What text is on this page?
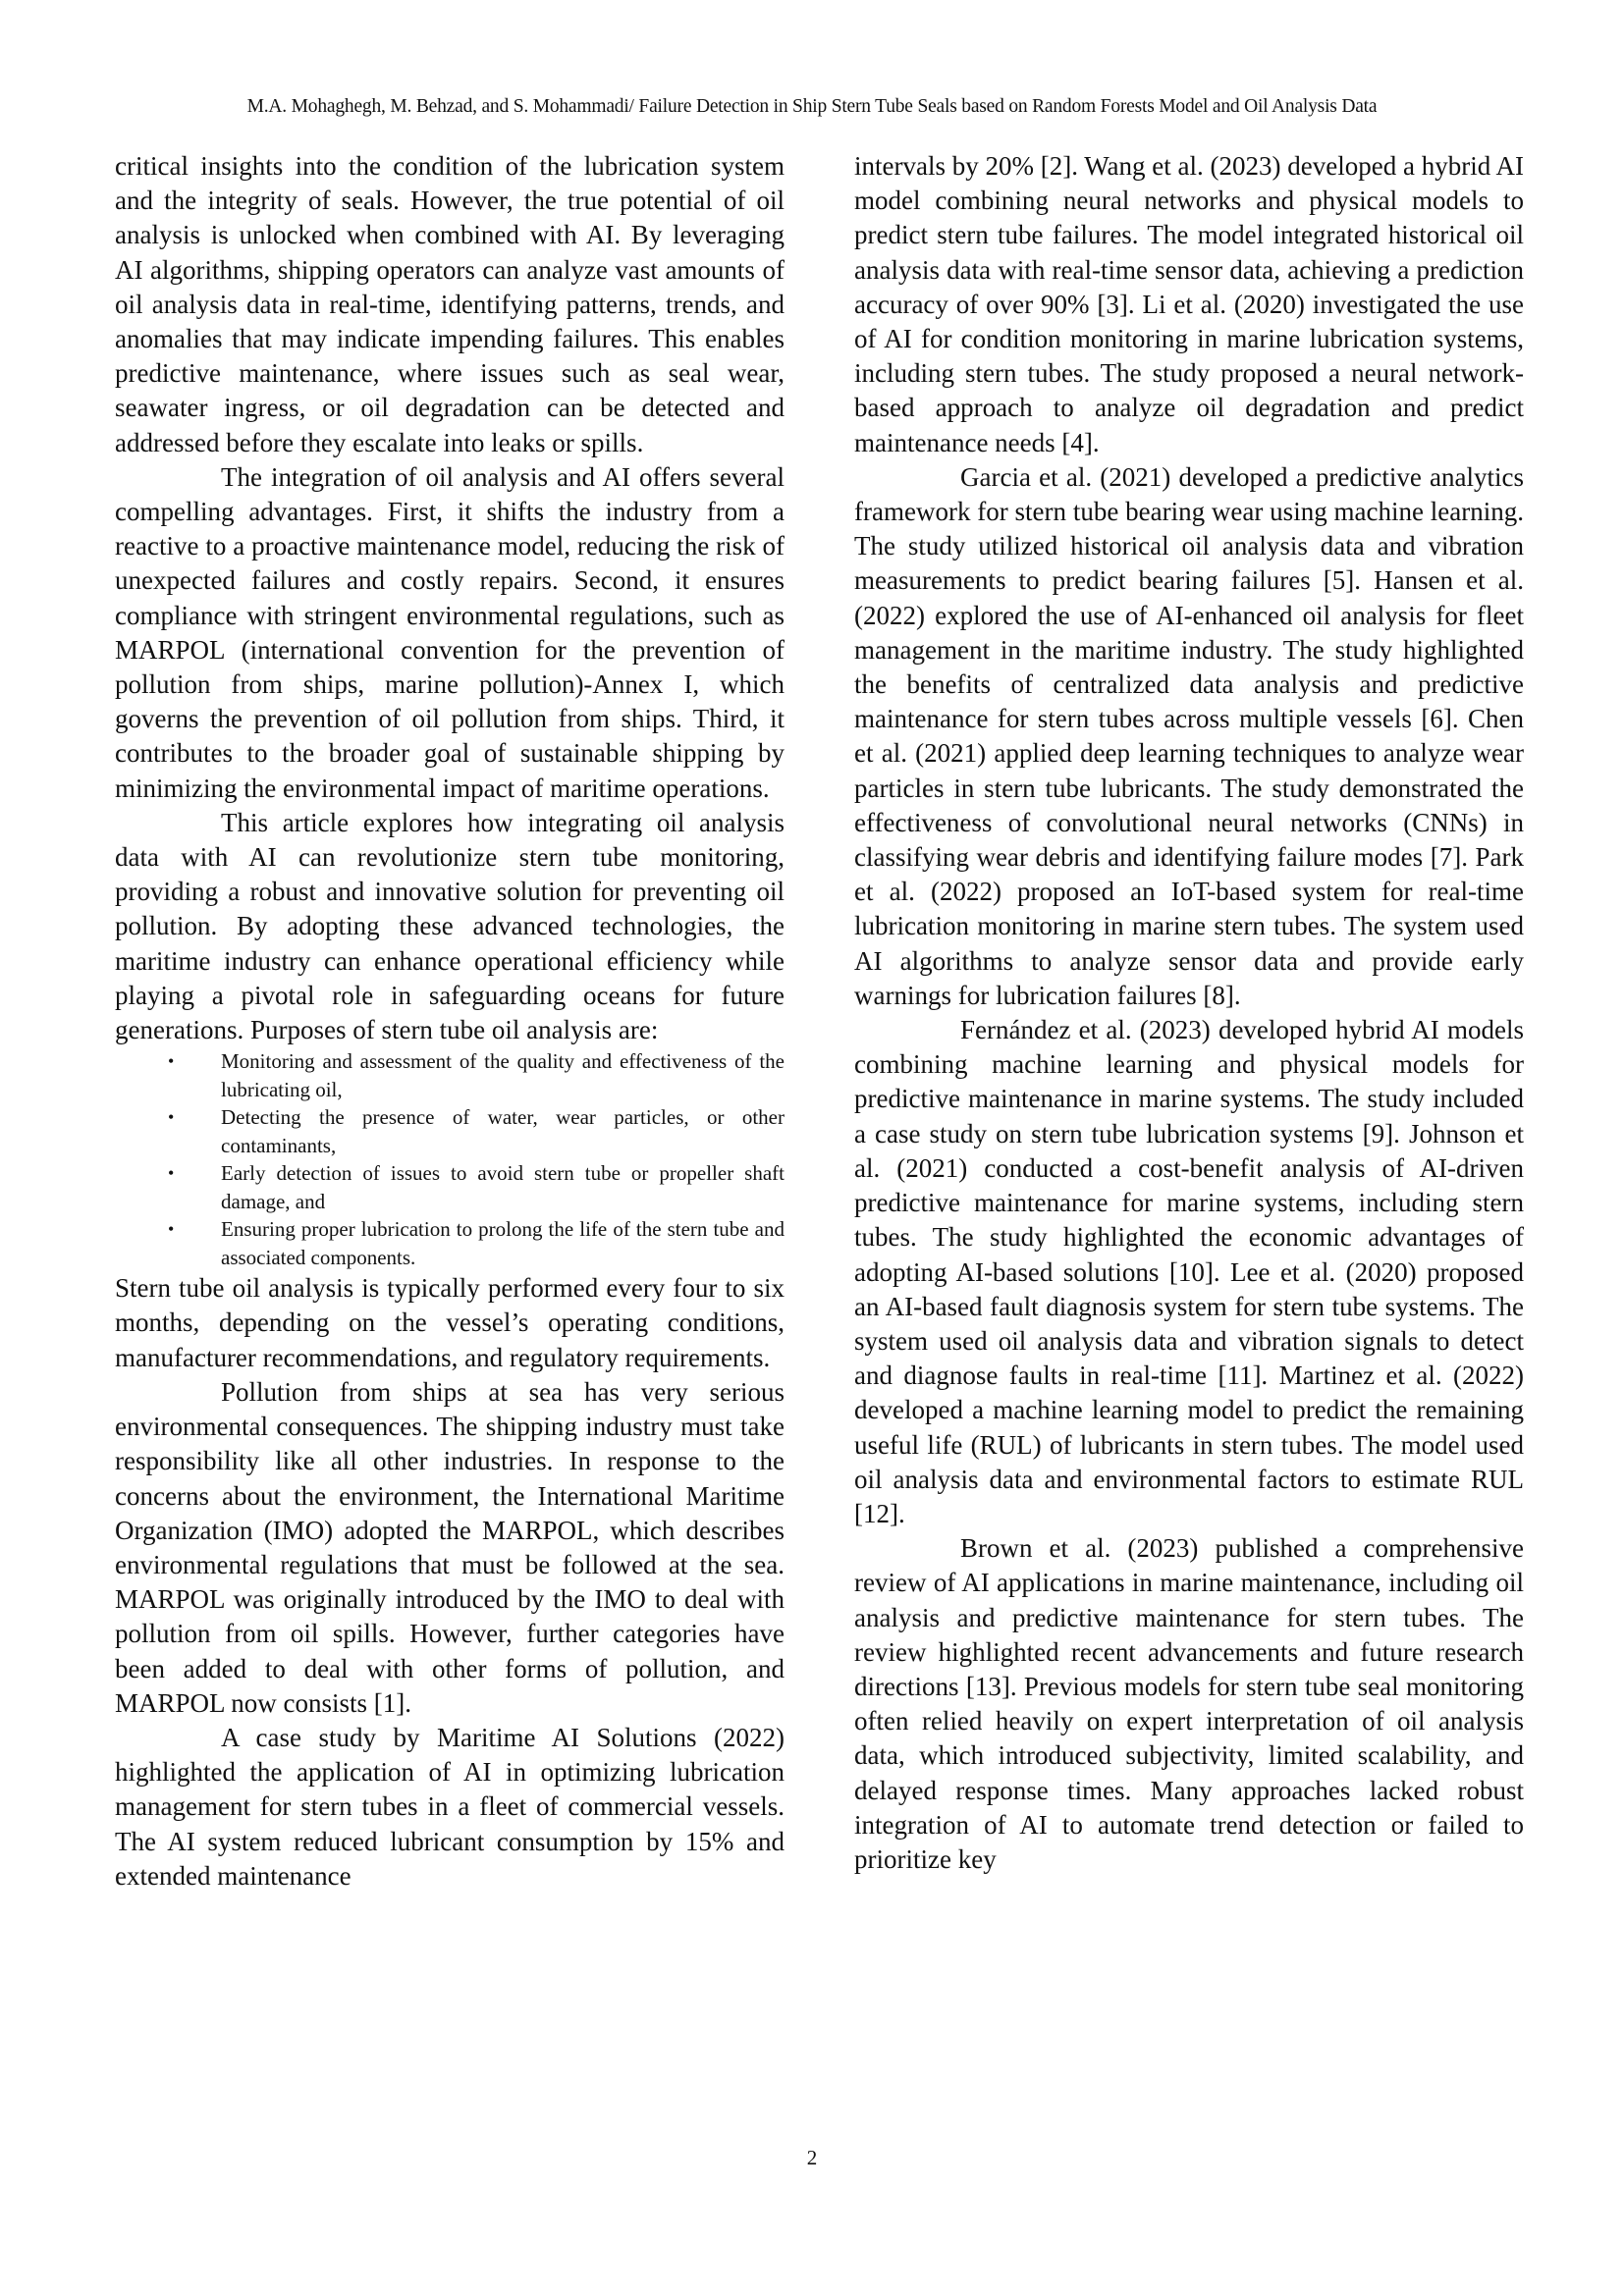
M.A. Mohaghegh, M. Behzad, and S. Mohammadi/ Failure Detection in Ship Stern Tube Seals based on Random Forests Model and Oil Analysis Data

critical insights into the condition of the lubrication system and the integrity of seals. However, the true potential of oil analysis is unlocked when combined with AI. By leveraging AI algorithms, shipping operators can analyze vast amounts of oil analysis data in real-time, identifying patterns, trends, and anomalies that may indicate impending failures. This enables predictive maintenance, where issues such as seal wear, seawater ingress, or oil degradation can be detected and addressed before they escalate into leaks or spills.

The integration of oil analysis and AI offers several compelling advantages. First, it shifts the industry from a reactive to a proactive maintenance model, reducing the risk of unexpected failures and costly repairs. Second, it ensures compliance with stringent environmental regulations, such as MARPOL (international convention for the prevention of pollution from ships, marine pollution)-Annex I, which governs the prevention of oil pollution from ships. Third, it contributes to the broader goal of sustainable shipping by minimizing the environmental impact of maritime operations.

This article explores how integrating oil analysis data with AI can revolutionize stern tube monitoring, providing a robust and innovative solution for preventing oil pollution. By adopting these advanced technologies, the maritime industry can enhance operational efficiency while playing a pivotal role in safeguarding oceans for future generations. Purposes of stern tube oil analysis are:

• Monitoring and assessment of the quality and effectiveness of the lubricating oil,
• Detecting the presence of water, wear particles, or other contaminants,
• Early detection of issues to avoid stern tube or propeller shaft damage, and
• Ensuring proper lubrication to prolong the life of the stern tube and associated components.

Stern tube oil analysis is typically performed every four to six months, depending on the vessel’s operating conditions, manufacturer recommendations, and regulatory requirements.

Pollution from ships at sea has very serious environmental consequences. The shipping industry must take responsibility like all other industries. In response to the concerns about the environment, the International Maritime Organization (IMO) adopted the MARPOL, which describes environmental regulations that must be followed at the sea. MARPOL was originally introduced by the IMO to deal with pollution from oil spills. However, further categories have been added to deal with other forms of pollution, and MARPOL now consists [1].

A case study by Maritime AI Solutions (2022) highlighted the application of AI in optimizing lubrication management for stern tubes in a fleet of commercial vessels. The AI system reduced lubricant consumption by 15% and extended maintenance

intervals by 20% [2]. Wang et al. (2023) developed a hybrid AI model combining neural networks and physical models to predict stern tube failures. The model integrated historical oil analysis data with real-time sensor data, achieving a prediction accuracy of over 90% [3]. Li et al. (2020) investigated the use of AI for condition monitoring in marine lubrication systems, including stern tubes. The study proposed a neural network-based approach to analyze oil degradation and predict maintenance needs [4].

Garcia et al. (2021) developed a predictive analytics framework for stern tube bearing wear using machine learning. The study utilized historical oil analysis data and vibration measurements to predict bearing failures [5]. Hansen et al. (2022) explored the use of AI-enhanced oil analysis for fleet management in the maritime industry. The study highlighted the benefits of centralized data analysis and predictive maintenance for stern tubes across multiple vessels [6]. Chen et al. (2021) applied deep learning techniques to analyze wear particles in stern tube lubricants. The study demonstrated the effectiveness of convolutional neural networks (CNNs) in classifying wear debris and identifying failure modes [7]. Park et al. (2022) proposed an IoT-based system for real-time lubrication monitoring in marine stern tubes. The system used AI algorithms to analyze sensor data and provide early warnings for lubrication failures [8].

Fernández et al. (2023) developed hybrid AI models combining machine learning and physical models for predictive maintenance in marine systems. The study included a case study on stern tube lubrication systems [9]. Johnson et al. (2021) conducted a cost-benefit analysis of AI-driven predictive maintenance for marine systems, including stern tubes. The study highlighted the economic advantages of adopting AI-based solutions [10]. Lee et al. (2020) proposed an AI-based fault diagnosis system for stern tube systems. The system used oil analysis data and vibration signals to detect and diagnose faults in real-time [11]. Martinez et al. (2022) developed a machine learning model to predict the remaining useful life (RUL) of lubricants in stern tubes. The model used oil analysis data and environmental factors to estimate RUL [12].

Brown et al. (2023) published a comprehensive review of AI applications in marine maintenance, including oil analysis and predictive maintenance for stern tubes. The review highlighted recent advancements and future research directions [13]. Previous models for stern tube seal monitoring often relied heavily on expert interpretation of oil analysis data, which introduced subjectivity, limited scalability, and delayed response times. Many approaches lacked robust integration of AI to automate trend detection or failed to prioritize key

2
